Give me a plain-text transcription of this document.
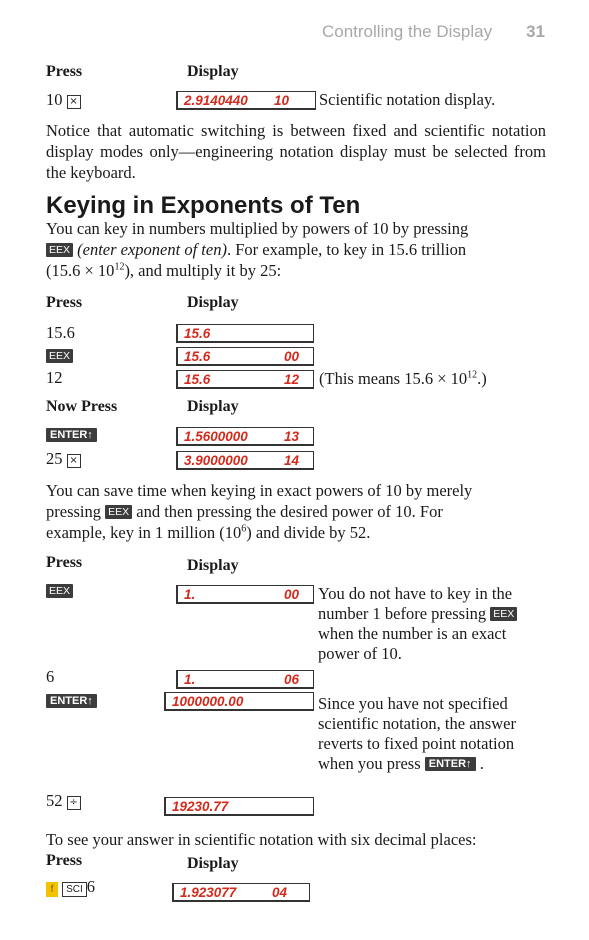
Controlling the Display 31
Press	Display
10 ×	2.9140440 10 Scientific notation display.
Notice that automatic switching is between fixed and scientific notation display modes only—engineering notation display must be selected from the keyboard.
Keying in Exponents of Ten
You can key in numbers multiplied by powers of 10 by pressing
EEX (enter exponent of ten). For example, to key in 15.6 trillion
$(15.6 \times 10^{12})$, and multiply it by 25:
Press	Display
15.6	15.6
EEX	15.6	00
12	15.6	12 (This means $15.6 \times 10^{12}$.)
Now Press	Display
ENTER↑	1.5600000	13
25 ×	3.9000000	14
You can save time when keying in exact powers of 10 by merely
pressing EEX and then pressing the desired power of 10. For
example, key in 1 million $(10^6)$ and divide by 52.
Press	Display
EEX	1.	00 You do not have to key in the number 1 before pressing EEX when the number is an exact power of 10.
6	1.	06
ENTER↑	1000000.00	Since you have not specified scientific notation, the answer reverts to fixed point notation when you press ENTER↑ .
52 ÷	19230.77
To see your answer in scientific notation with six decimal places:
Press	Display
f SCI 6	1.923077	04
